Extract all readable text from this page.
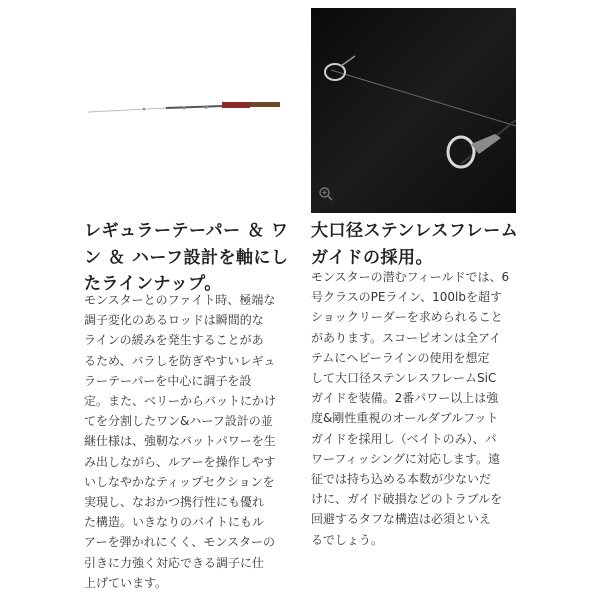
レギュラーテーパー ＆ ワ
ン ＆ ハーフ設計を軸にし
たラインナップ。

モンスターとのファイト時、極端な
調子変化のあるロッドは瞬間的な
ラインの緩みを発生することがあ
るため、バラしを防ぎやすいレギュ
ラーテーパーを中心に調子を設
定。また、ベリーからバットにかけ
てを分割したワン&ハーフ設計の並
継仕様は、強靭なバットパワーを生
み出しながら、ルアーを操作しやす
いしなやかなティップセクションを
実現し、なおかつ携行性にも優れ
た構造。いきなりのバイトにもル
アーを弾かれにくく、モンスターの
引きに力強く対応できる調子に仕
上げています。

大口径ステンレスフレーム
ガイドの採用。

モンスターの潜むフィールドでは、6
号クラスのPEライン、100lbを超す
ショックリーダーを求められること
があります。スコーピオンは全アイ
テムにヘビーラインの使用を想定
して大口径ステンレスフレームSiC
ガイドを装備。2番パワー以上は強
度&剛性重視のオールダブルフット
ガイドを採用し（ベイトのみ）、パ
ワーフィッシングに対応します。遠
征では持ち込める本数が少ないだ
けに、ガイド破損などのトラブルを
回避するタフな構造は必須といえ
るでしょう。
